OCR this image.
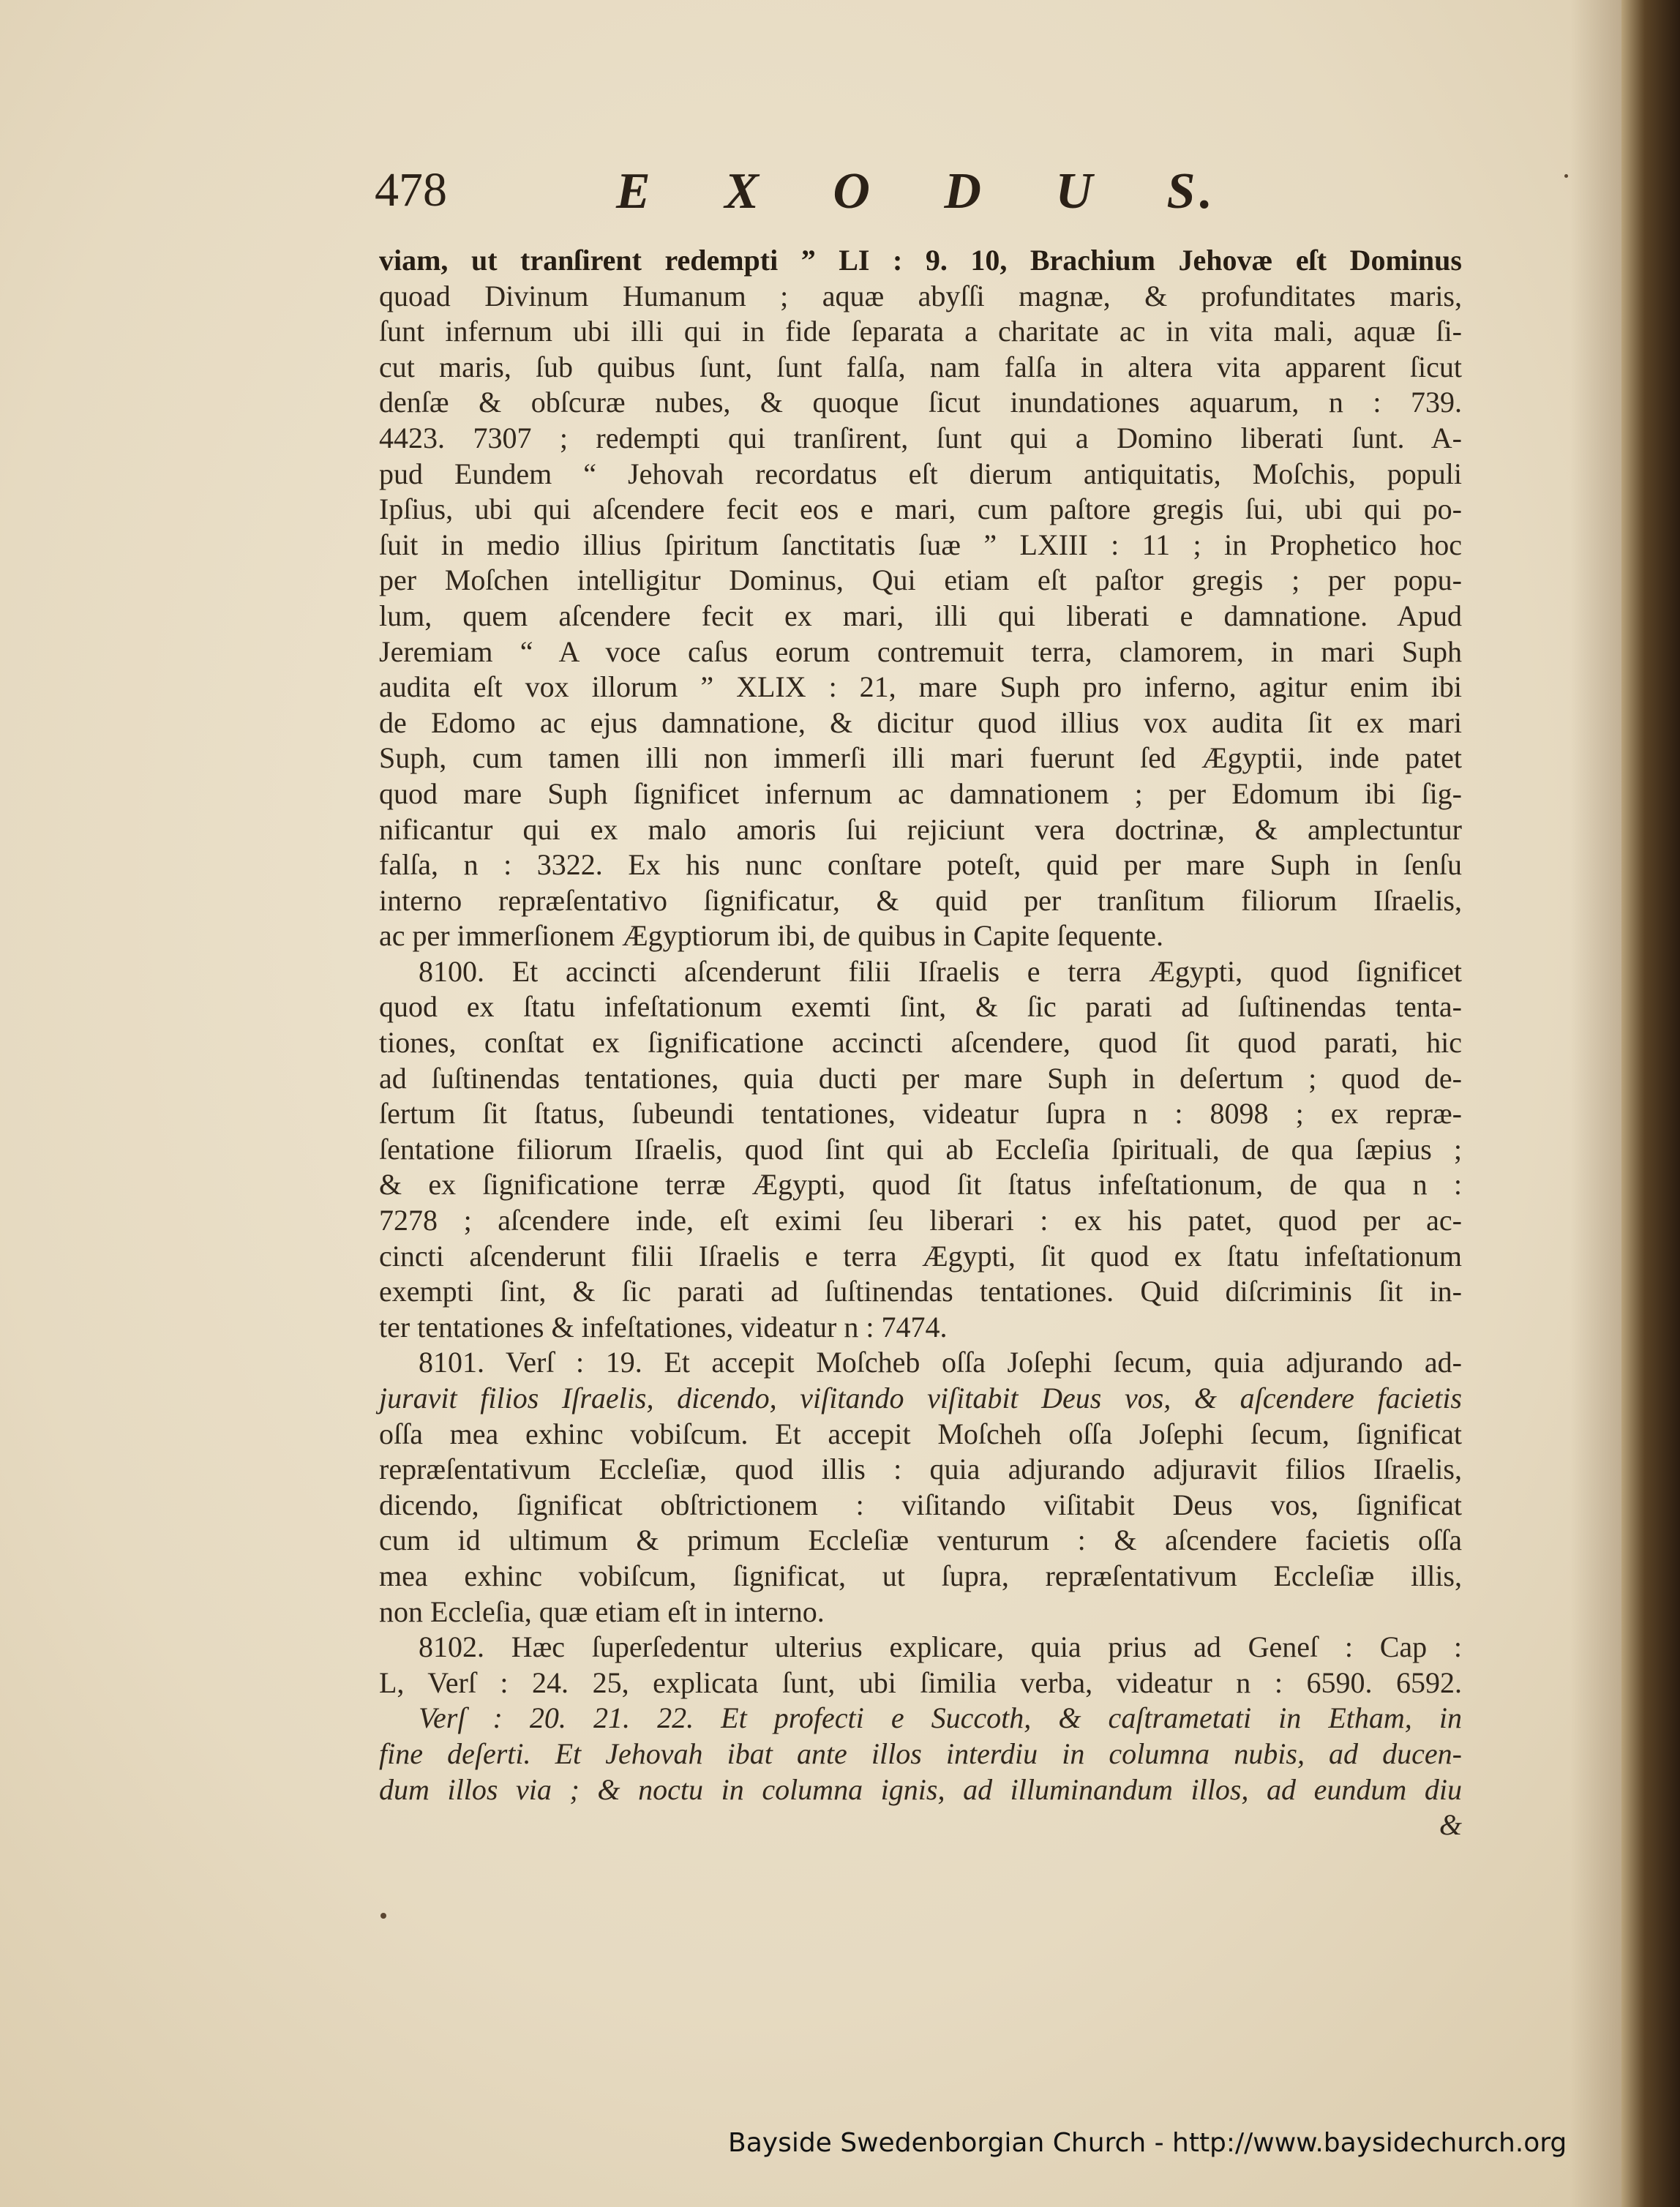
478	E X O D U S.
viam, ut tranſirent redempti ” LI : 9. 10, Brachium Jehovæ eſt Dominus
quoad Divinum Humanum ; aquæ abyſſi magnæ, & profunditates maris,
ſunt infernum ubi illi qui in fide ſeparata a charitate ac in vita mali, aquæ ſi-
cut maris, ſub quibus ſunt, ſunt falſa, nam falſa in altera vita apparent ſicut
denſæ & obſcuræ nubes, & quoque ſicut inundationes aquarum, n : 739.
4423. 7307 ; redempti qui tranſirent, ſunt qui a Domino liberati ſunt. A-
pud Eundem “ Jehovah recordatus eſt dierum antiquitatis, Moſchis, populi
Ipſius, ubi qui aſcendere fecit eos e mari, cum paſtore gregis ſui, ubi qui po-
ſuit in medio illius ſpiritum ſanctitatis ſuæ ” LXIII : 11 ; in Prophetico hoc
per Moſchen intelligitur Dominus, Qui etiam eſt paſtor gregis ; per popu-
lum, quem aſcendere fecit ex mari, illi qui liberati e damnatione. Apud
Jeremiam “ A voce caſus eorum contremuit terra, clamorem, in mari Suph
audita eſt vox illorum ” XLIX : 21, mare Suph pro inferno, agitur enim ibi
de Edomo ac ejus damnatione, & dicitur quod illius vox audita ſit ex mari
Suph, cum tamen illi non immerſi illi mari fuerunt ſed Ægyptii, inde patet
quod mare Suph ſignificet infernum ac damnationem ; per Edomum ibi ſig-
nificantur qui ex malo amoris ſui rejiciunt vera doctrinæ, & amplectuntur
falſa, n : 3322. Ex his nunc conſtare poteſt, quid per mare Suph in ſenſu
interno repræſentativo ſignificatur, & quid per tranſitum filiorum Iſraelis,
ac per immerſionem Ægyptiorum ibi, de quibus in Capite ſequente.
8100. Et accincti aſcenderunt filii Iſraelis e terra Ægypti, quod ſignificet
quod ex ſtatu infeſtationum exemti ſint, & ſic parati ad ſuſtinendas tenta-
tiones, conſtat ex ſignificatione accincti aſcendere, quod ſit quod parati, hic
ad ſuſtinendas tentationes, quia ducti per mare Suph in deſertum ; quod de-
ſertum ſit ſtatus, ſubeundi tentationes, videatur ſupra n : 8098 ; ex repræ-
ſentatione filiorum Iſraelis, quod ſint qui ab Eccleſia ſpirituali, de qua ſæpius ;
& ex ſignificatione terræ Ægypti, quod ſit ſtatus infeſtationum, de qua n :
7278 ; aſcendere inde, eſt eximi ſeu liberari : ex his patet, quod per ac-
cincti aſcenderunt filii Iſraelis e terra Ægypti, ſit quod ex ſtatu infeſtationum
exempti ſint, & ſic parati ad ſuſtinendas tentationes. Quid diſcriminis ſit in-
ter tentationes & infeſtationes, videatur n : 7474.
8101. Verſ : 19. Et accepit Moſcheb oſſa Joſephi ſecum, quia adjurando ad-
juravit filios Iſraelis, dicendo, viſitando viſitabit Deus vos, & aſcendere facietis
oſſa mea exhinc vobiſcum. Et accepit Moſcheh oſſa Joſephi ſecum, ſignificat
repræſentativum Eccleſiæ, quod illis : quia adjurando adjuravit filios Iſraelis,
dicendo, ſignificat obſtrictionem : viſitando viſitabit Deus vos, ſignificat
cum id ultimum & primum Eccleſiæ venturum : & aſcendere facietis oſſa
mea exhinc vobiſcum, ſignificat, ut ſupra, repræſentativum Eccleſiæ illis,
non Eccleſia, quæ etiam eſt in interno.
8102. Hæc ſuperſedentur ulterius explicare, quia prius ad Geneſ : Cap :
L, Verſ : 24. 25, explicata ſunt, ubi ſimilia verba, videatur n : 6590. 6592.
Verſ : 20. 21. 22. Et profecti e Succoth, & caſtrametati in Etham, in
fine deſerti. Et Jehovah ibat ante illos interdiu in columna nubis, ad ducen-
dum illos via ; & noctu in columna ignis, ad illuminandum illos, ad eundum diu
&
Bayside Swedenborgian Church - http://www.baysidechurch.org
